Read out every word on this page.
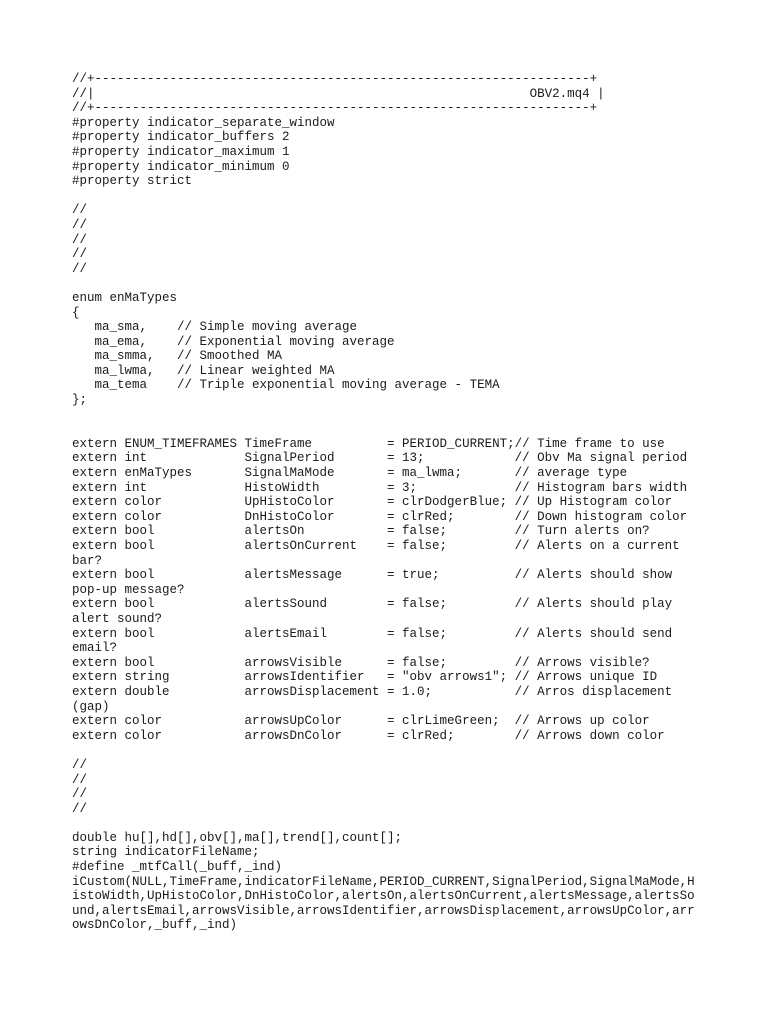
//+------------------------------------------------------------------+
//|                                                          OBV2.mq4 |
//+------------------------------------------------------------------+
#property indicator_separate_window
#property indicator_buffers 2
#property indicator_maximum 1
#property indicator_minimum 0
#property strict
//
//
//
//
//
enum enMaTypes
{
ma_sma,    // Simple moving average
ma_ema,    // Exponential moving average
ma_smma,   // Smoothed MA
ma_lwma,   // Linear weighted MA
ma_tema    // Triple exponential moving average - TEMA
};
extern ENUM_TIMEFRAMES TimeFrame          = PERIOD_CURRENT;// Time frame to use
extern int             SignalPeriod       = 13;            // Obv Ma signal period
extern enMaTypes       SignalMaMode       = ma_lwma;       // average type
extern int             HistoWidth         = 3;             // Histogram bars width
extern color           UpHistoColor       = clrDodgerBlue; // Up Histogram color
extern color           DnHistoColor       = clrRed;        // Down histogram color
extern bool            alertsOn           = false;         // Turn alerts on?
extern bool            alertsOnCurrent    = false;         // Alerts on a current
bar?
extern bool            alertsMessage      = true;          // Alerts should show
pop-up message?
extern bool            alertsSound        = false;         // Alerts should play
alert sound?
extern bool            alertsEmail        = false;         // Alerts should send
email?
extern bool            arrowsVisible      = false;         // Arrows visible?
extern string          arrowsIdentifier   = "obv arrows1"; // Arrows unique ID
extern double          arrowsDisplacement = 1.0;           // Arros displacement
(gap)
extern color           arrowsUpColor      = clrLimeGreen;  // Arrows up color
extern color           arrowsDnColor      = clrRed;        // Arrows down color
//
//
//
//
double hu[],hd[],obv[],ma[],trend[],count[];
string indicatorFileName;
#define _mtfCall(_buff,_ind)
iCustom(NULL,TimeFrame,indicatorFileName,PERIOD_CURRENT,SignalPeriod,SignalMaMode,H
istoWidth,UpHistoColor,DnHistoColor,alertsOn,alertsOnCurrent,alertsMessage,alertsSo
und,alertsEmail,arrowsVisible,arrowsIdentifier,arrowsDisplacement,arrowsUpColor,arr
owsDnColor,_buff,_ind)
